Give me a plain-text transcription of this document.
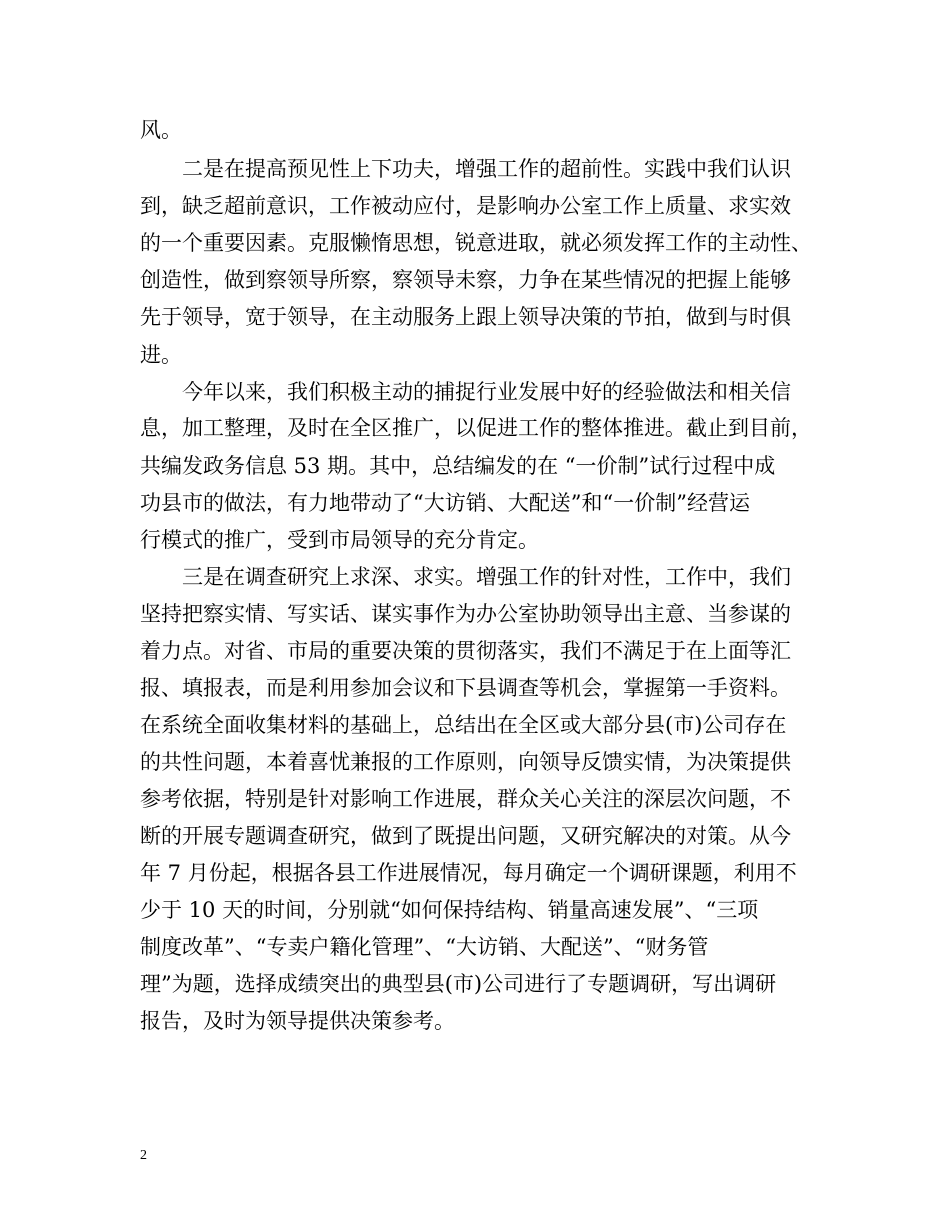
风。
二是在提高预见性上下功夫，增强工作的超前性。实践中我们认识
到，缺乏超前意识，工作被动应付，是影响办公室工作上质量、求实效
的一个重要因素。克服懒惰思想，锐意进取，就必须发挥工作的主动性、
创造性，做到察领导所察，察领导未察，力争在某些情况的把握上能够
先于领导，宽于领导，在主动服务上跟上领导决策的节拍，做到与时俱
进。
今年以来，我们积极主动的捕捉行业发展中好的经验做法和相关信
息，加工整理，及时在全区推广，以促进工作的整体推进。截止到目前，
共编发政务信息 53 期。其中，总结编发的在 “一价制”试行过程中成
功县市的做法，有力地带动了“大访销、大配送”和“一价制”经营运
行模式的推广，受到市局领导的充分肯定。
三是在调查研究上求深、求实。增强工作的针对性，工作中，我们
坚持把察实情、写实话、谋实事作为办公室协助领导出主意、当参谋的
着力点。对省、市局的重要决策的贯彻落实，我们不满足于在上面等汇
报、填报表，而是利用参加会议和下县调查等机会，掌握第一手资料。
在系统全面收集材料的基础上，总结出在全区或大部分县(市)公司存在
的共性问题，本着喜忧兼报的工作原则，向领导反馈实情，为决策提供
参考依据，特别是针对影响工作进展，群众关心关注的深层次问题，不
断的开展专题调查研究，做到了既提出问题，又研究解决的对策。从今
年 7 月份起，根据各县工作进展情况，每月确定一个调研课题，利用不
少于 10 天的时间，分别就“如何保持结构、销量高速发展”、“三项
制度改革”、“专卖户籍化管理”、“大访销、大配送”、“财务管
理”为题，选择成绩突出的典型县(市)公司进行了专题调研，写出调研
报告，及时为领导提供决策参考。
2
